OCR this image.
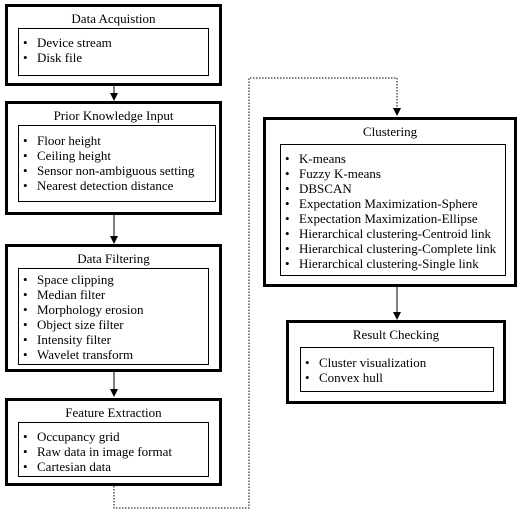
Data Acquistion
• Device stream
• Disk file
Prior Knowledge Input
• Floor height
• Ceiling height
• Sensor non-ambiguous setting
• Nearest detection distance
Data Filtering
• Space clipping
• Median filter
• Morphology erosion
• Object size filter
• Intensity filter
• Wavelet transform
Feature Extraction
• Occupancy grid
• Raw data in image format
• Cartesian data
Clustering
• K-means
• Fuzzy K-means
• DBSCAN
• Expectation Maximization-Sphere
• Expectation Maximization-Ellipse
• Hierarchical clustering-Centroid link
• Hierarchical clustering-Complete link
• Hierarchical clustering-Single link
Result Checking
• Cluster visualization
• Convex hull
